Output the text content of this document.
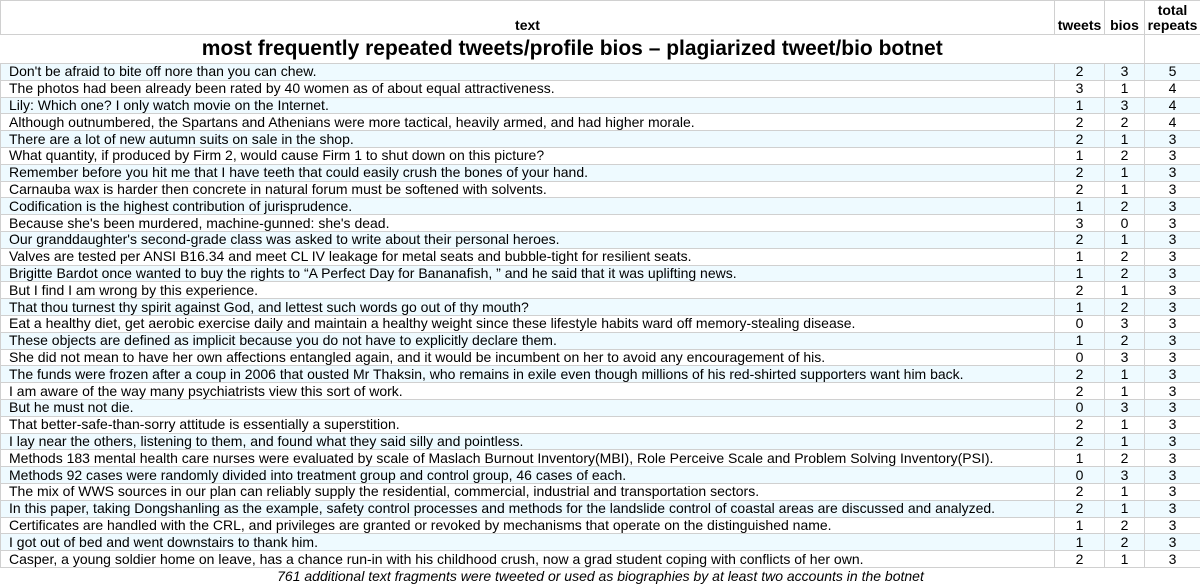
most frequently repeated tweets/profile bios – plagiarized tweet/bio botnet			
text	tweets	bios	total
repeats
Don't be afraid to bite off nore than you can chew.	2	3	5
The photos had been already been rated by 40 women as of about equal attractiveness.	3	1	4
Lily: Which one? I only watch movie on the Internet.	1	3	4
Although outnumbered, the Spartans and Athenians were more tactical, heavily armed, and had higher morale.	2	2	4
There are a lot of new autumn suits on sale in the shop.	2	1	3
What quantity, if produced by Firm 2, would cause Firm 1 to shut down on this picture?	1	2	3
Remember before you hit me that I have teeth that could easily crush the bones of your hand.	2	1	3
Carnauba wax is harder then concrete in natural forum must be softened with solvents.	2	1	3
Codification is the highest contribution of jurisprudence.	1	2	3
Because she's been murdered, machine-gunned: she's dead.	3	0	3
Our granddaughter's second-grade class was asked to write about their personal heroes.	2	1	3
Valves are tested per ANSI B16.34 and meet CL IV leakage for metal seats and bubble-tight for resilient seats.	1	2	3
Brigitte Bardot once wanted to buy the rights to “A Perfect Day for Bananafish, ” and he said that it was uplifting news.	1	2	3
But I find I am wrong by this experience.	2	1	3
That thou turnest thy spirit against God, and lettest such words go out of thy mouth?	1	2	3
Eat a healthy diet, get aerobic exercise daily and maintain a healthy weight since these lifestyle habits ward off memory-stealing disease.	0	3	3
These objects are defined as implicit because you do not have to explicitly declare them.	1	2	3
She did not mean to have her own affections entangled again, and it would be incumbent on her to avoid any encouragement of his.	0	3	3
The funds were frozen after a coup in 2006 that ousted Mr Thaksin, who remains in exile even though millions of his red-shirted supporters want him back.	2	1	3
I am aware of the way many psychiatrists view this sort of work.	2	1	3
But he must not die.	0	3	3
That better-safe-than-sorry attitude is essentially a superstition.	2	1	3
I lay near the others, listening to them, and found what they said silly and pointless.	2	1	3
Methods 183 mental health care nurses were evaluated by scale of Maslach Burnout Inventory(MBI), Role Perceive Scale and Problem Solving Inventory(PSI).	1	2	3
Methods 92 cases were randomly divided into treatment group and control group, 46 cases of each.	0	3	3
The mix of WWS sources in our plan can reliably supply the residential, commercial, industrial and transportation sectors.	2	1	3
In this paper, taking Dongshanling as the example, safety control processes and methods for the landslide control of coastal areas are discussed and analyzed.	2	1	3
Certificates are handled with the CRL, and privileges are granted or revoked by mechanisms that operate on the distinguished name.	1	2	3
I got out of bed and went downstairs to thank him.	1	2	3
Casper, a young soldier home on leave, has a chance run-in with his childhood crush, now a grad student coping with conflicts of her own.	2	1	3
761 additional text fragments were tweeted or used as biographies by at least two accounts in the botnet			
